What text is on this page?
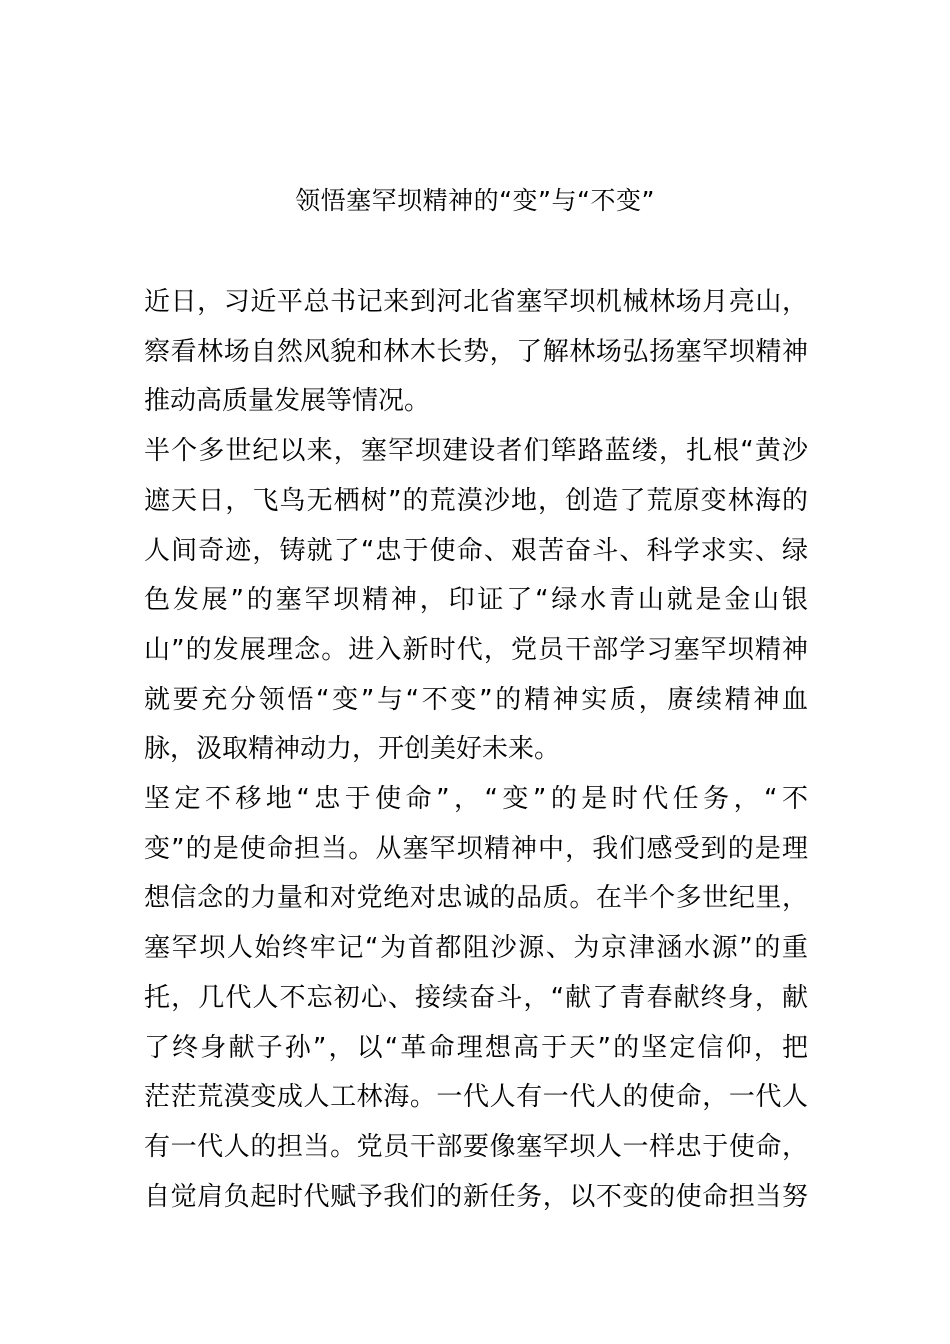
领悟塞罕坝精神的“变”与“不变”

近日，习近平总书记来到河北省塞罕坝机械林场月亮山，
察看林场自然风貌和林木长势，了解林场弘扬塞罕坝精神
推动高质量发展等情况。

半个多世纪以来，塞罕坝建设者们筚路蓝缕，扎根“黄沙
遮天日，飞鸟无栖树”的荒漠沙地，创造了荒原变林海的
人间奇迹，铸就了“忠于使命、艰苦奋斗、科学求实、绿
色发展”的塞罕坝精神，印证了“绿水青山就是金山银
山”的发展理念。进入新时代，党员干部学习塞罕坝精神
就要充分领悟“变”与“不变”的精神实质，赓续精神血
脉，汲取精神动力，开创美好未来。

坚定不移地“忠于使命”，“变”的是时代任务，“不
变”的是使命担当。从塞罕坝精神中，我们感受到的是理
想信念的力量和对党绝对忠诚的品质。在半个多世纪里，
塞罕坝人始终牢记“为首都阻沙源、为京津涵水源”的重
托，几代人不忘初心、接续奋斗，“献了青春献终身，献
了终身献子孙”，以“革命理想高于天”的坚定信仰，把
茫茫荒漠变成人工林海。一代人有一代人的使命，一代人
有一代人的担当。党员干部要像塞罕坝人一样忠于使命，
自觉肩负起时代赋予我们的新任务，以不变的使命担当努
